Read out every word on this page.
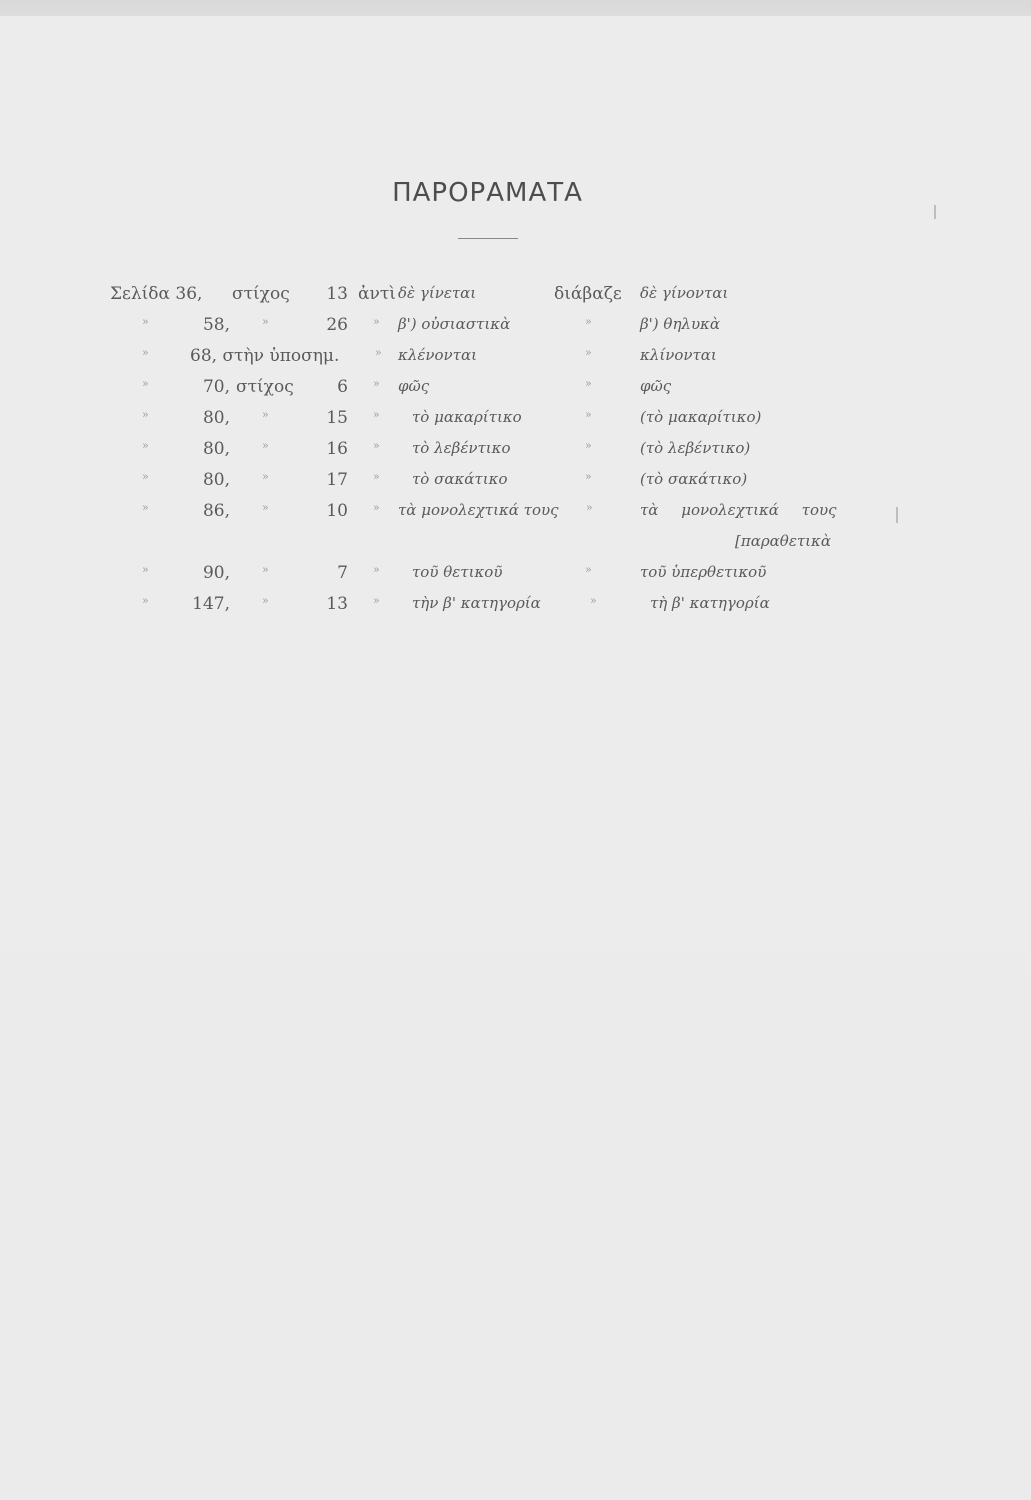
ΠΑΡΟΡΑΜΑΤΑ
Σελίδα 36, στίχος	13 ἀντὶ δὲ γίνεται	διάβαζε δὲ γίνονται
»	58,	»	26 » β') οὐσιαστικὰ	»	β') θηλυκὰ
» 68, στὴν ὑποσημ.	» κλένονται	»	κλίνονται
»	70, στίχος	6 » φῶς	»	φῶς
»	80,	»	15 » τὸ μακαρίτικο	»	(τὸ μακαρίτικο)
»	80,	»	16 » τὸ λεβέντικο	»	(τὸ λεβέντικο)
»	80,	»	17 » τὸ σακάτικο	»	(τὸ σακάτικο)
»	86,	»	10 » τὰ μονολεχτικά τους »	τὰ μονολεχτικά τους
[παραθετικὰ
»	90,	»	7 » τοῦ θετικοῦ	»	τοῦ ὑπερθετικοῦ
»	147,	»	13 » τὴν β' κατηγορία	»	τὴ β' κατηγορία
